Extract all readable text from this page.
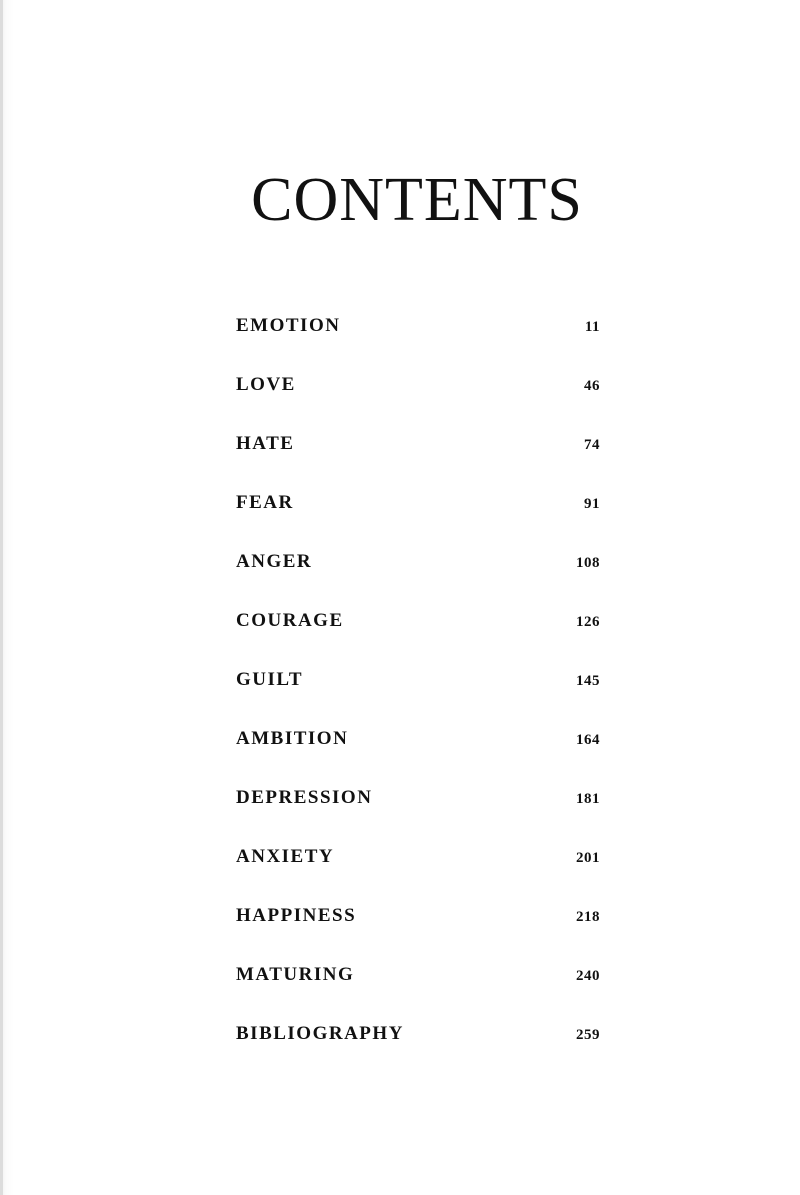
CONTENTS
EMOTION	11
LOVE	46
HATE	74
FEAR	91
ANGER	108
COURAGE	126
GUILT	145
AMBITION	164
DEPRESSION	181
ANXIETY	201
HAPPINESS	218
MATURING	240
BIBLIOGRAPHY	259
